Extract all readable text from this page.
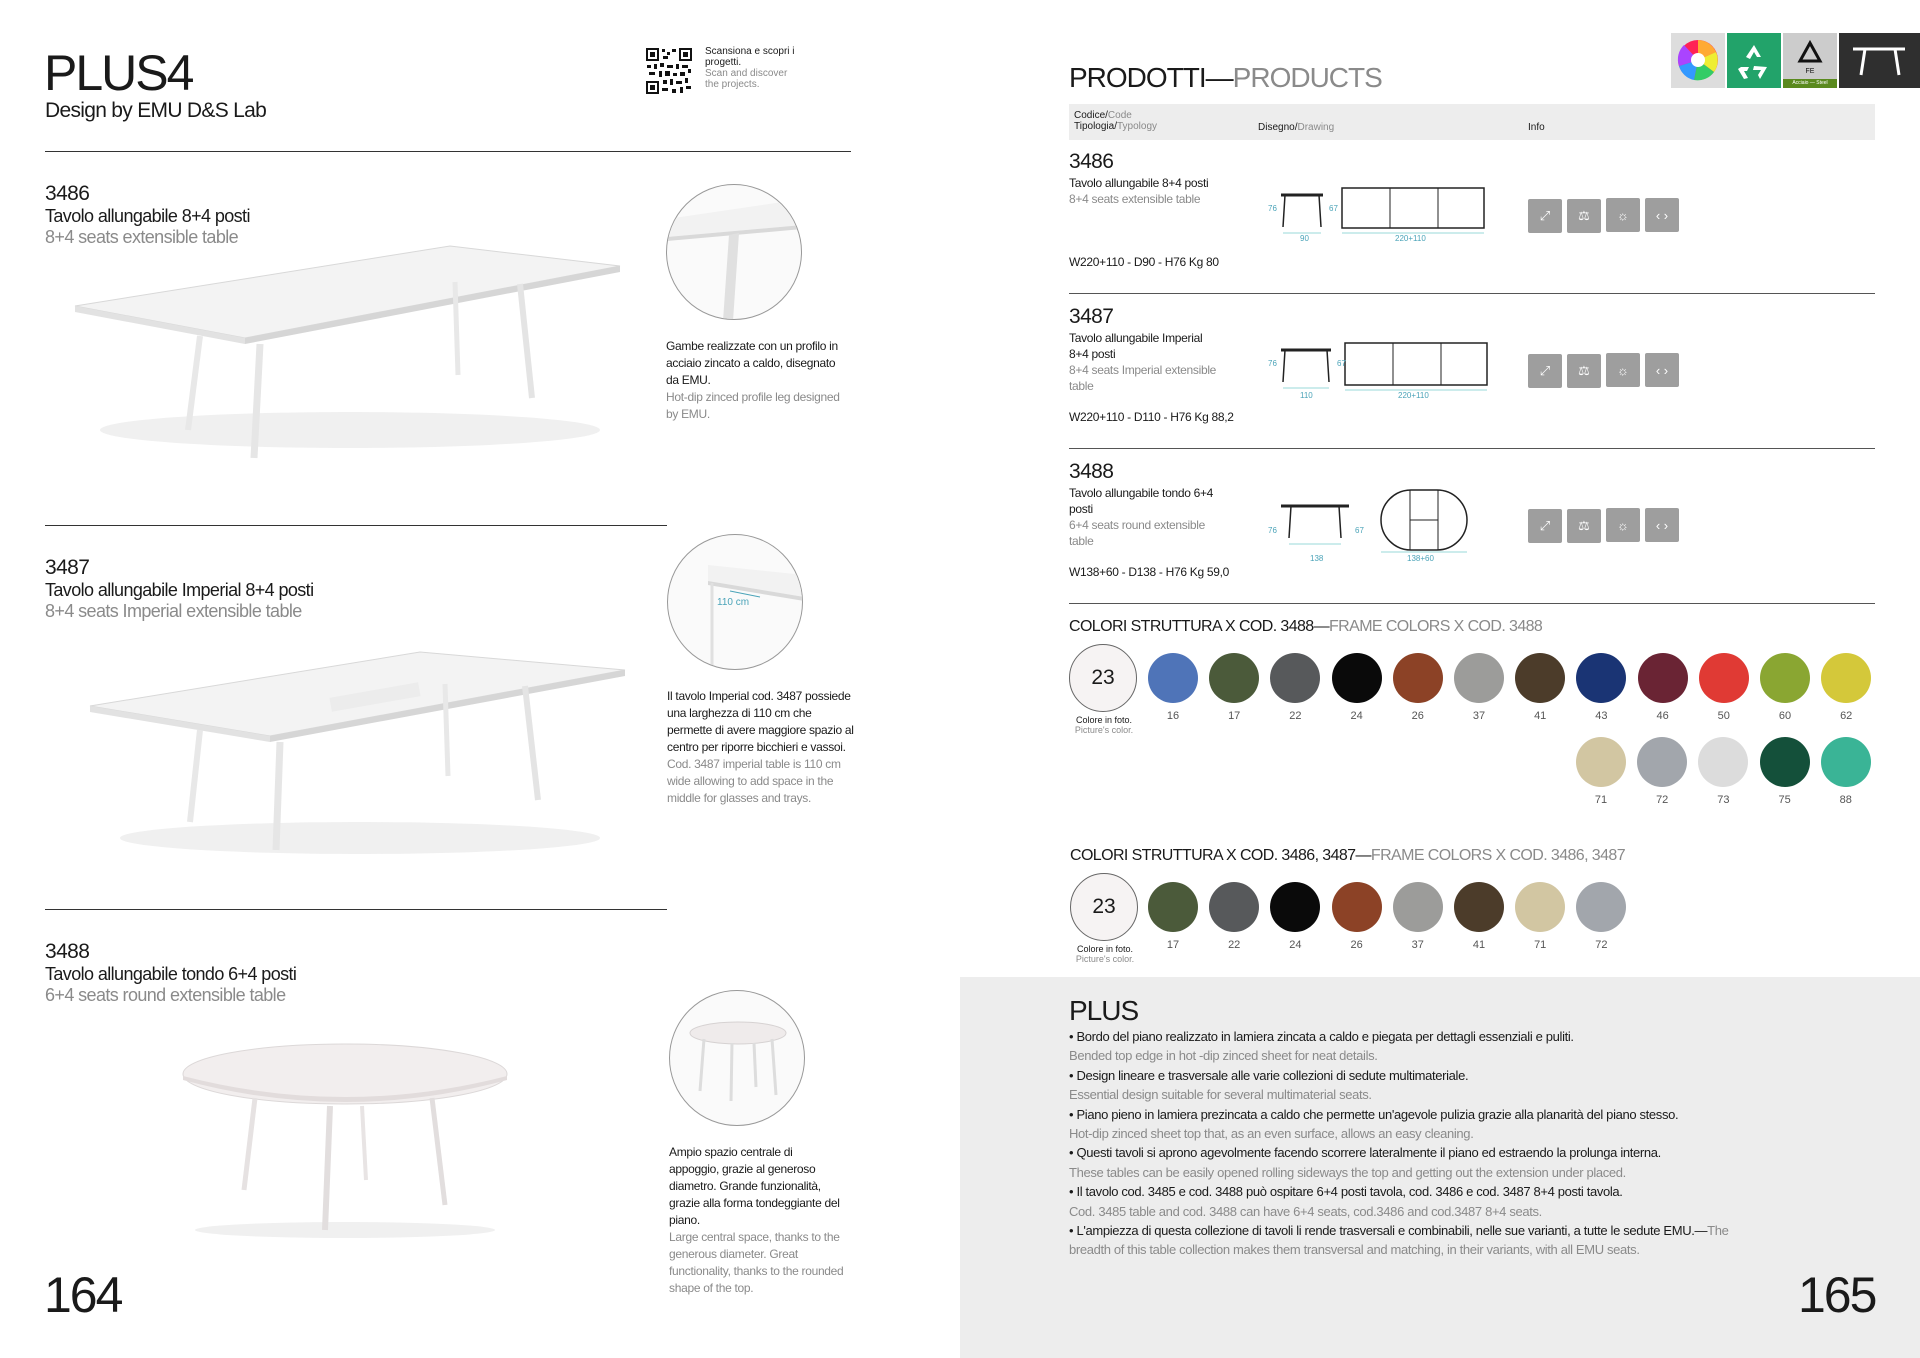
PLUS4
Design by EMU D&S Lab
Scansiona e scopri i progetti.
Scan and discover the projects.
3486
Tavolo allungabile 8+4 posti
8+4 seats extensible table
Gambe realizzate con un profilo in acciaio zincato a caldo, disegnato da EMU.
Hot-dip zinced profile leg designed by EMU.
3487
Tavolo allungabile Imperial 8+4 posti
8+4 seats Imperial extensible table	110 cm
Il tavolo Imperial cod. 3487 possiede una larghezza di 110 cm che permette di avere maggiore spazio al centro per riporre bicchieri e vassoi.
Cod. 3487 imperial table is 110 cm wide allowing to add space in the middle for glasses and trays.
3488
Tavolo allungabile tondo 6+4 posti
6+4 seats round extensible table
Ampio spazio centrale di appoggio, grazie al generoso diametro. Grande funzionalità, grazie alla forma tondeggiante del piano.
Large central space, thanks to the generous diameter. Great functionality, thanks to the rounded shape of the top.
164
PRODOTTI—PRODUCTS	FE
Acciaio — Steel
Codice/Code
Tipologia/Typology	Disegno/Drawing	Info
3486
Tavolo allungabile 8+4 posti
8+4 seats extensible table
W220+110 - D90 - H76 Kg 80
76	67
90	220+110
⤢ ⚖ ☼ ‹ ›
3487
Tavolo allungabile Imperial 8+4 posti
8+4 seats Imperial extensible table
W220+110 - D110 - H76 Kg 88,2
76	67
110	220+110
⤢ ⚖ ☼ ‹ ›
3488
Tavolo allungabile tondo 6+4 posti
6+4 seats round extensible table
W138+60 - D138 - H76 Kg 59,0
76	67
138	138+60
⤢ ⚖ ☼ ‹ ›
COLORI STRUTTURA X COD. 3488—FRAME COLORS X COD. 3488
23
Colore in foto.
Picture's color.
16	17	22	24	26	37	41	43	46	50	60	62
71	72	73	75	88
COLORI STRUTTURA X COD. 3486, 3487—FRAME COLORS X COD. 3486, 3487
23
Colore in foto.
Picture's color.
17	22	24	26	37	41	71	72
PLUS
• Bordo del piano realizzato in lamiera zincata a caldo e piegata per dettagli essenziali e puliti.
Bended top edge in hot -dip zinced sheet for neat details.
• Design lineare e trasversale alle varie collezioni di sedute multimateriale.
Essential design suitable for several multimaterial seats.
• Piano pieno in lamiera prezincata a caldo che permette un'agevole pulizia grazie alla planarità del piano stesso.
Hot-dip zinced sheet top that, as an even surface, allows an easy cleaning.
• Questi tavoli si aprono agevolmente facendo scorrere lateralmente il piano ed estraendo la prolunga interna.
These tables can be easily opened rolling sideways the top and getting out the extension under placed.
• Il tavolo cod. 3485 e cod. 3488 può ospitare 6+4 posti tavola, cod. 3486 e cod. 3487 8+4 posti tavola.
Cod. 3485 table and cod. 3488 can have 6+4 seats, cod.3486 and cod.3487 8+4 seats.
• L'ampiezza di questa collezione di tavoli li rende trasversali e combinabili, nelle sue varianti, a tutte le sedute EMU.—The breadth of this table collection makes them transversal and matching, in their variants, with all EMU seats.
165
